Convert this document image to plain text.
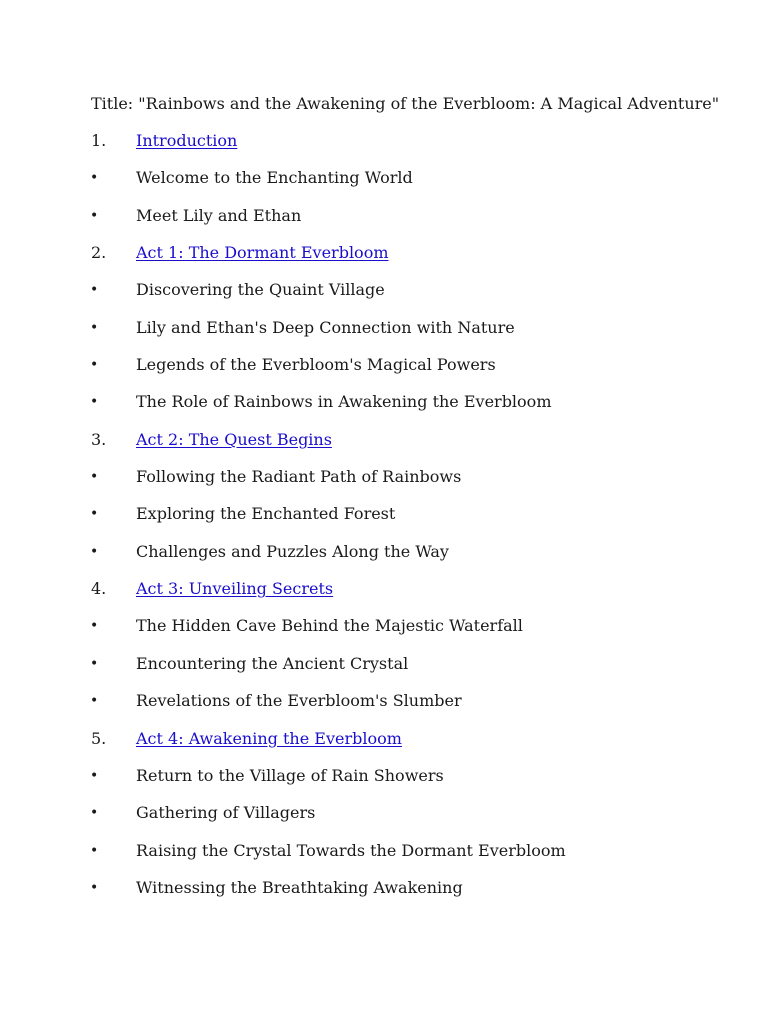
Title: "Rainbows and the Awakening of the Everbloom: A Magical Adventure"
1. Introduction
• Welcome to the Enchanting World
• Meet Lily and Ethan
2. Act 1: The Dormant Everbloom
• Discovering the Quaint Village
• Lily and Ethan's Deep Connection with Nature
• Legends of the Everbloom's Magical Powers
• The Role of Rainbows in Awakening the Everbloom
3. Act 2: The Quest Begins
• Following the Radiant Path of Rainbows
• Exploring the Enchanted Forest
• Challenges and Puzzles Along the Way
4. Act 3: Unveiling Secrets
• The Hidden Cave Behind the Majestic Waterfall
• Encountering the Ancient Crystal
• Revelations of the Everbloom's Slumber
5. Act 4: Awakening the Everbloom
• Return to the Village of Rain Showers
• Gathering of Villagers
• Raising the Crystal Towards the Dormant Everbloom
• Witnessing the Breathtaking Awakening
